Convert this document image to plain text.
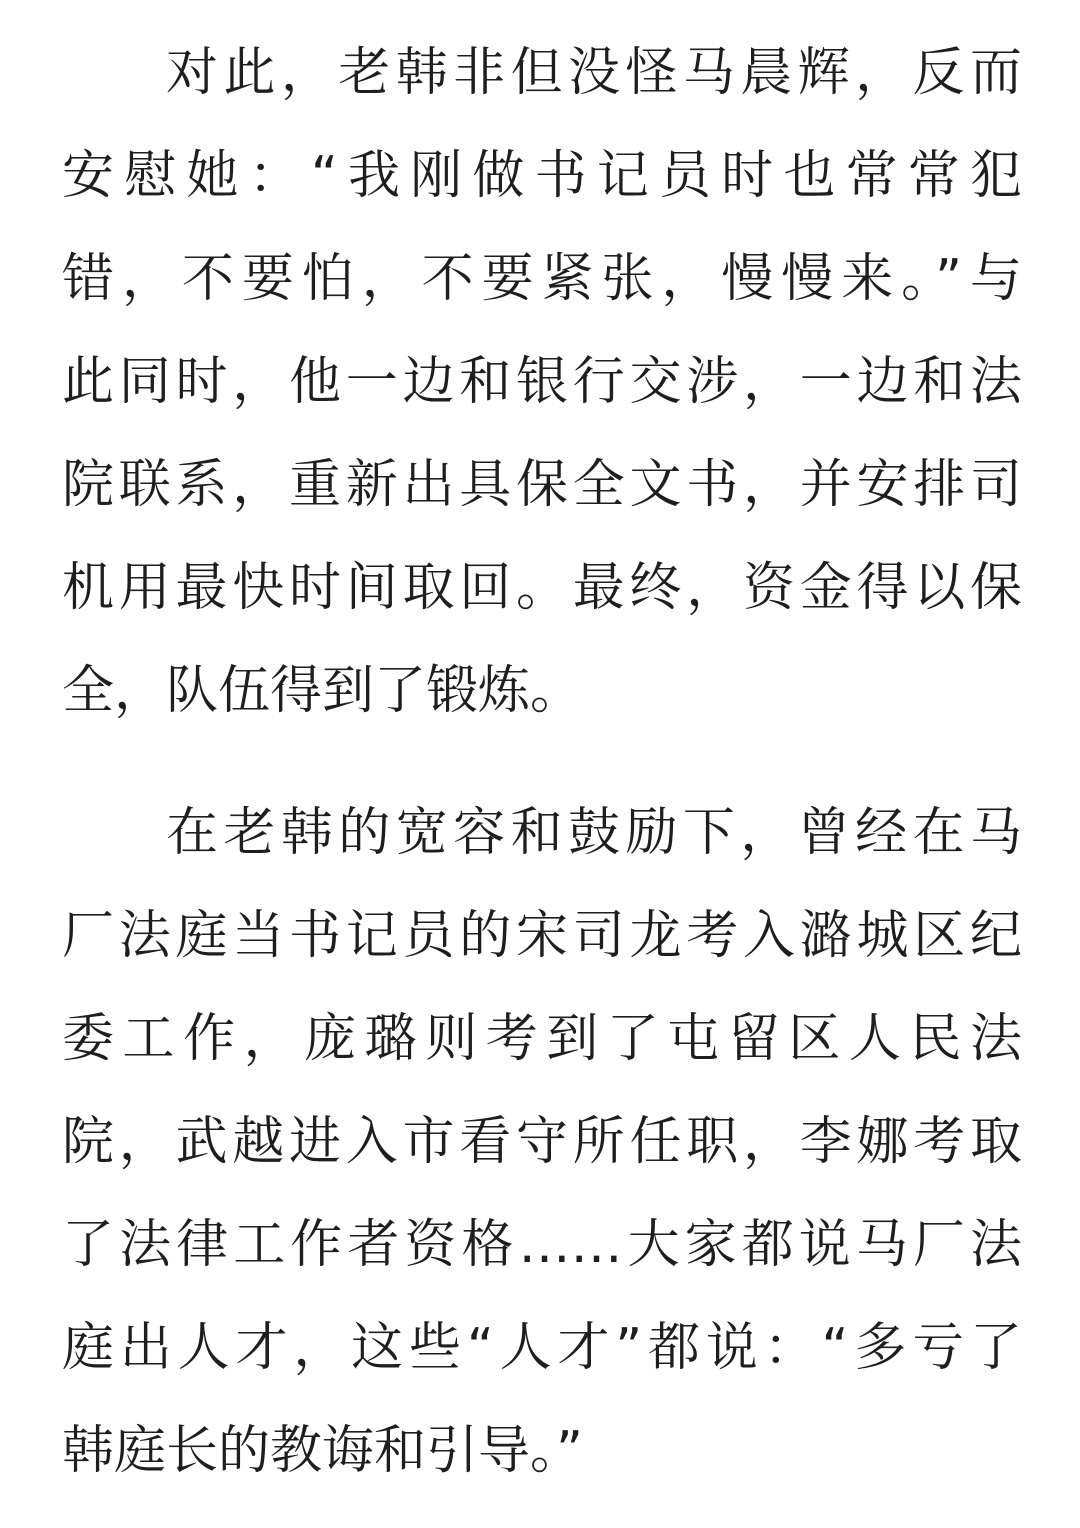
对此，老韩非但没怪马晨辉，反而
安慰她：“我刚做书记员时也常常犯
错，不要怕，不要紧张，慢慢来。”与
此同时，他一边和银行交涉，一边和法
院联系，重新出具保全文书，并安排司
机用最快时间取回。最终，资金得以保
全，队伍得到了锻炼。
在老韩的宽容和鼓励下，曾经在马
厂法庭当书记员的宋司龙考入潞城区纪
委工作，庞璐则考到了屯留区人民法
院，武越进入市看守所任职，李娜考取
了法律工作者资格……大家都说马厂法
庭出人才，这些“人才”都说：“多亏了
韩庭长的教诲和引导。”
